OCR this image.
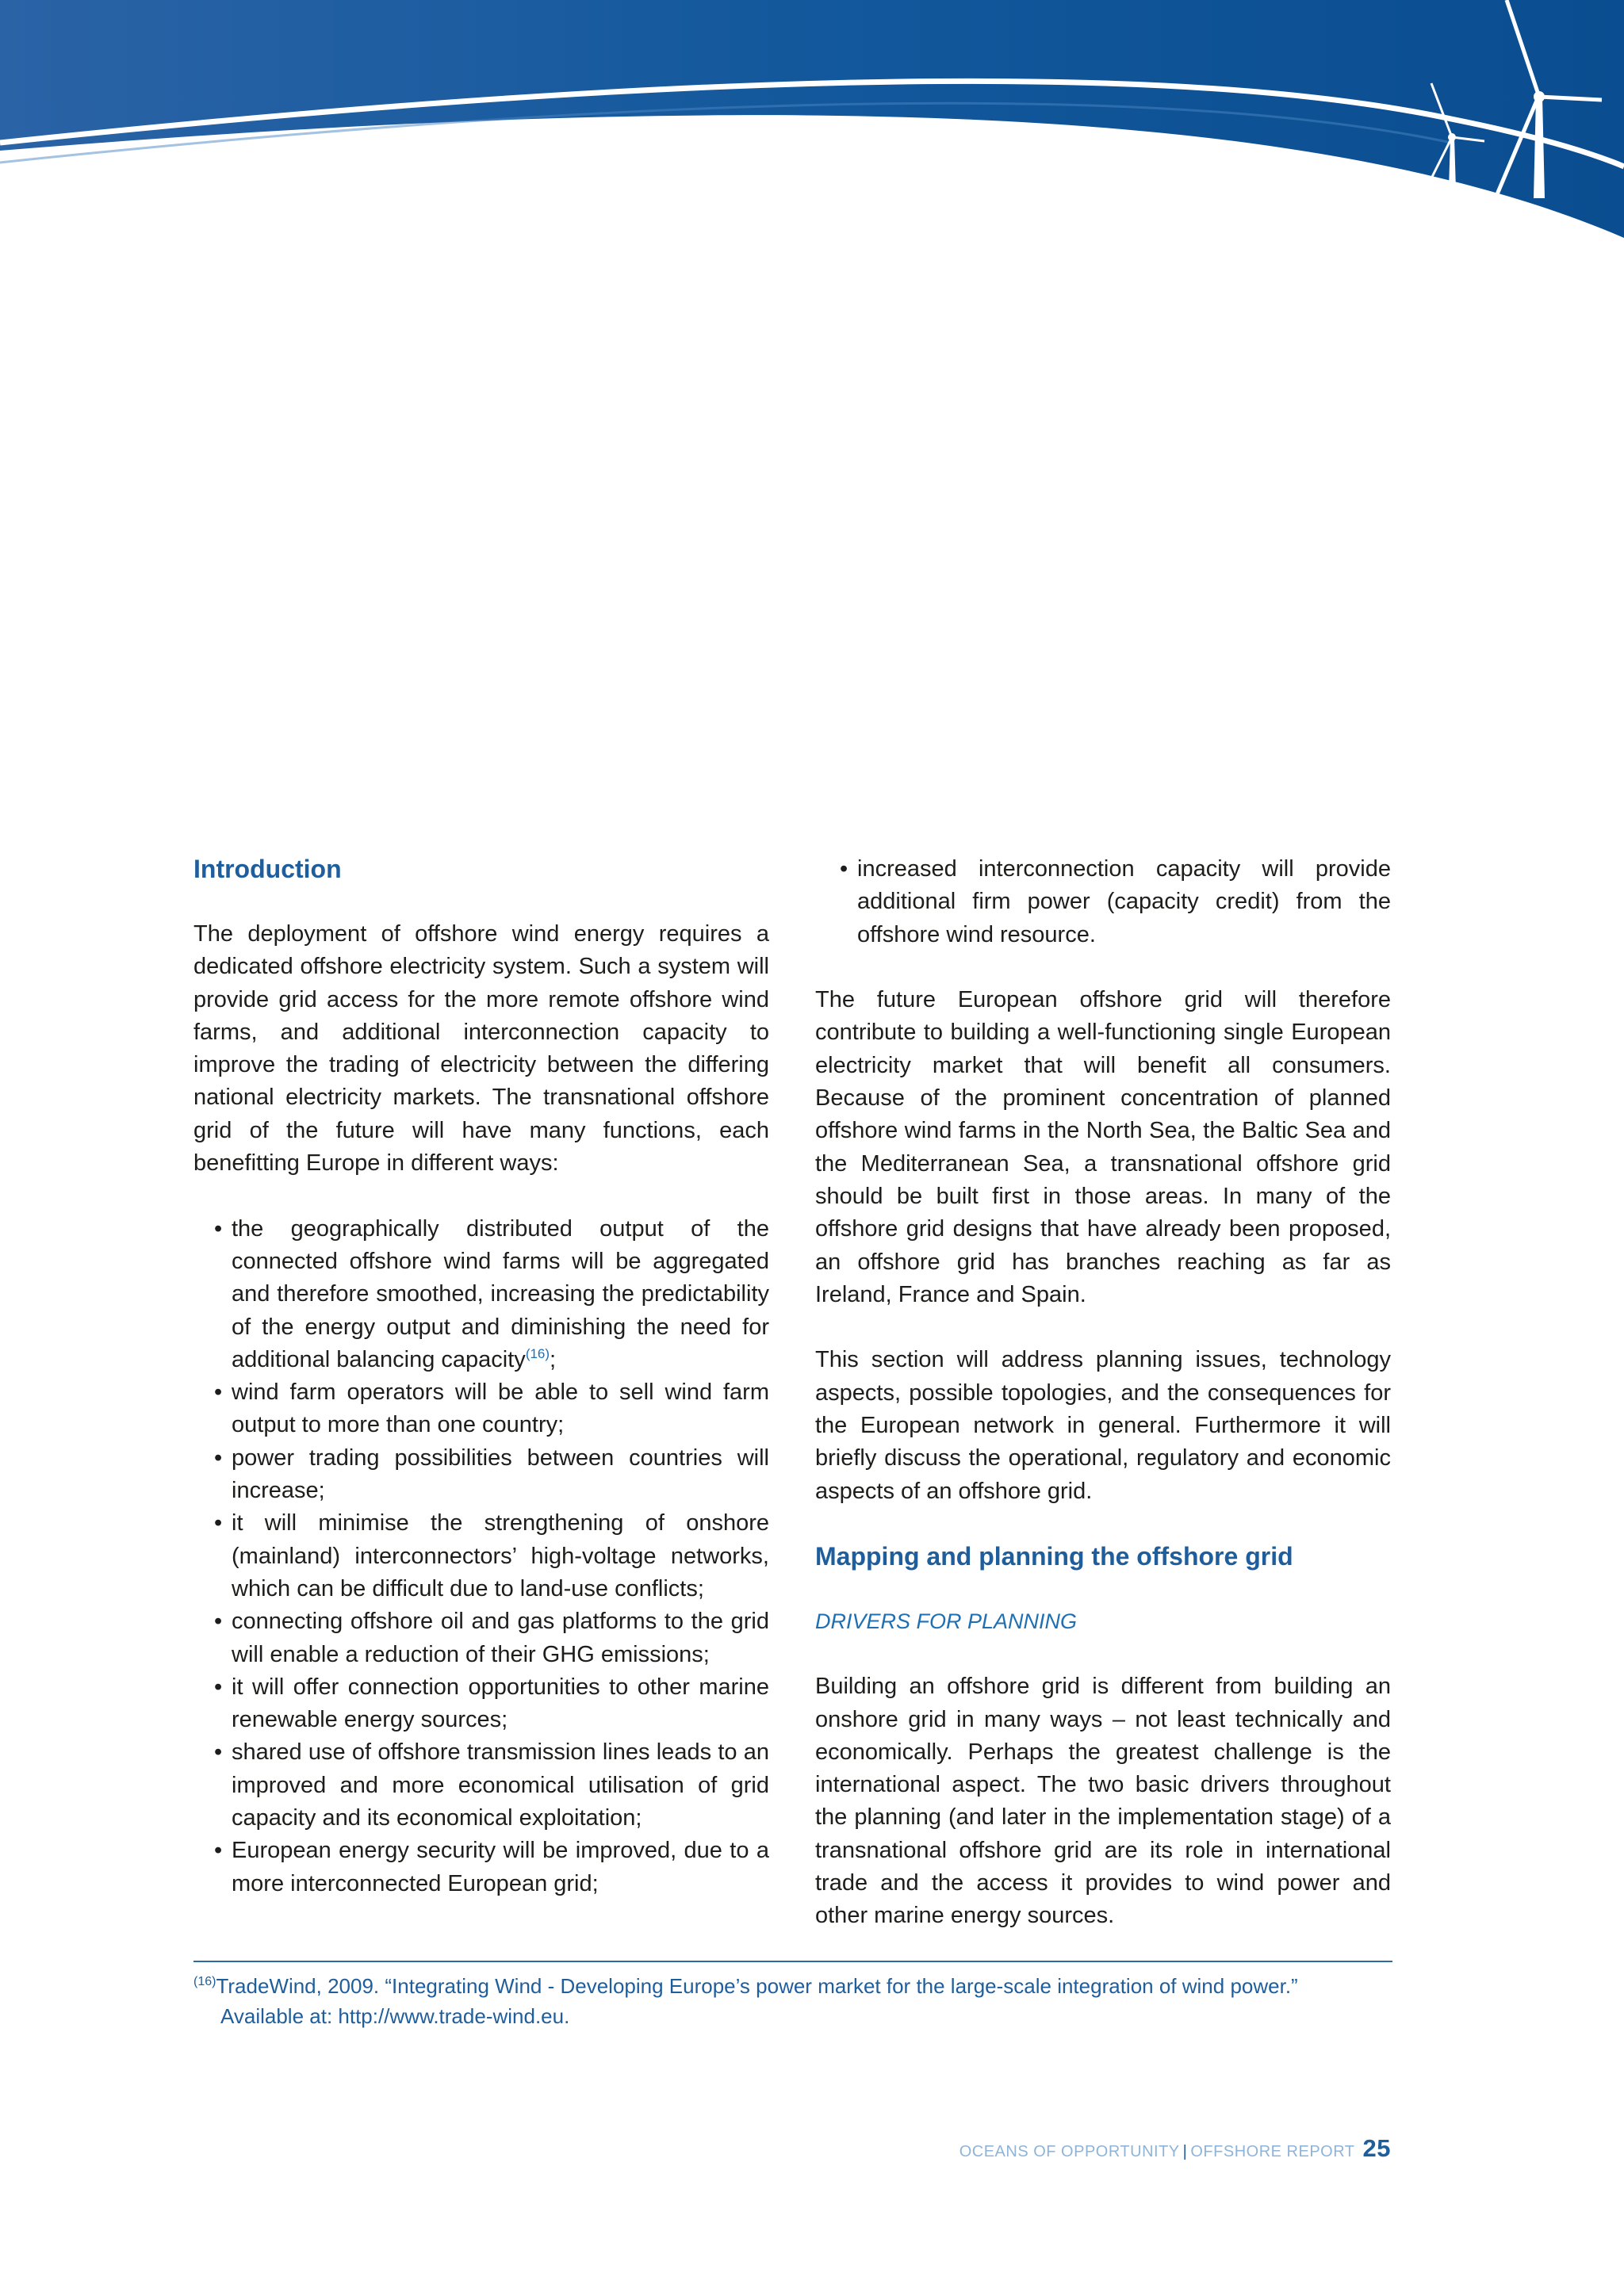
Introduction

The deployment of offshore wind energy requires a dedicated offshore electricity system. Such a system will provide grid access for the more remote offshore wind farms, and additional interconnection capacity to improve the trading of electricity between the differing national electricity markets. The transnational offshore grid of the future will have many functions, each benefitting Europe in different ways:

• the geographically distributed output of the connected offshore wind farms will be aggregated and therefore smoothed, increasing the predictability of the energy output and diminishing the need for additional balancing capacity$^{(16)}$;
• wind farm operators will be able to sell wind farm output to more than one country;
• power trading possibilities between countries will increase;
• it will minimise the strengthening of onshore (mainland) interconnectors’ high-voltage networks, which can be difficult due to land-use conflicts;
• connecting offshore oil and gas platforms to the grid will enable a reduction of their GHG emissions;
• it will offer connection opportunities to other marine renewable energy sources;
• shared use of offshore transmission lines leads to an improved and more economical utilisation of grid capacity and its economical exploitation;
• European energy security will be improved, due to a more interconnected European grid;
• increased interconnection capacity will provide additional firm power (capacity credit) from the offshore wind resource.

The future European offshore grid will therefore contribute to building a well-functioning single European electricity market that will benefit all consumers. Because of the prominent concentration of planned offshore wind farms in the North Sea, the Baltic Sea and the Mediterranean Sea, a transnational offshore grid should be built first in those areas. In many of the offshore grid designs that have already been proposed, an offshore grid has branches reaching as far as Ireland, France and Spain.

This section will address planning issues, technology aspects, possible topologies, and the consequences for the European network in general. Furthermore it will briefly discuss the operational, regulatory and economic aspects of an offshore grid.

Mapping and planning the offshore grid
DRIVERS FOR PLANNING

Building an offshore grid is different from building an onshore grid in many ways – not least technically and economically. Perhaps the greatest challenge is the international aspect. The two basic drivers throughout the planning (and later in the implementation stage) of a transnational offshore grid are its role in international trade and the access it provides to wind power and other marine energy sources.

$^{(16)}$TradeWind, 2009. “Integrating Wind - Developing Europe’s power market for the large-scale integration of wind power.”
Available at: http://www.trade-wind.eu.
OCEANS OF OPPORTUNITY | OFFSHORE REPORT 25
